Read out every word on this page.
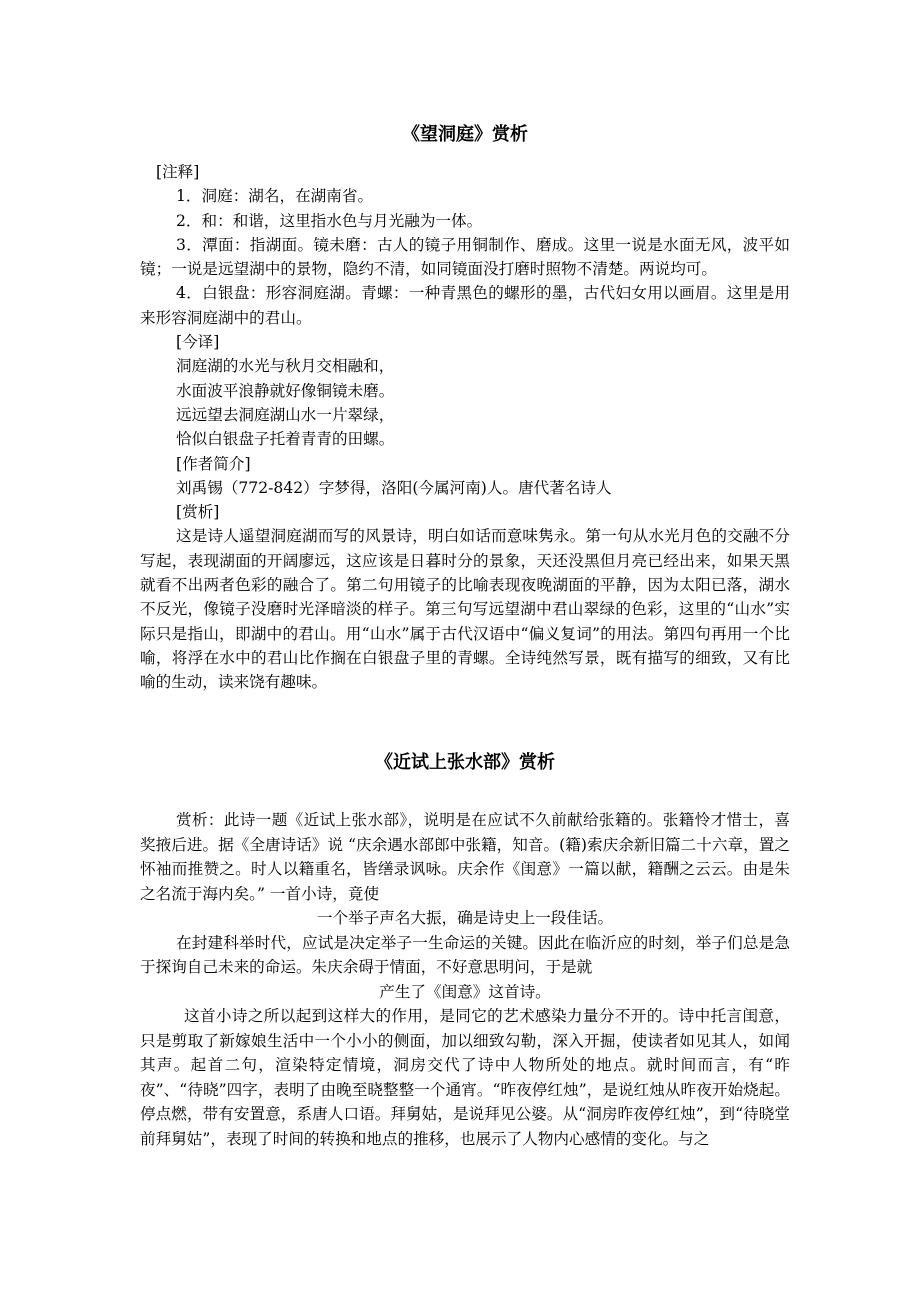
《望洞庭》赏析

[注释]

1．洞庭：湖名，在湖南省。

2．和：和谐，这里指水色与月光融为一体。

3．潭面：指湖面。镜未磨：古人的镜子用铜制作、磨成。这里一说是水面无风，波平如镜；一说是远望湖中的景物，隐约不清，如同镜面没打磨时照物不清楚。两说均可。

4．白银盘：形容洞庭湖。青螺：一种青黑色的螺形的墨，古代妇女用以画眉。这里是用来形容洞庭湖中的君山。

[今译]

洞庭湖的水光与秋月交相融和，

水面波平浪静就好像铜镜未磨。

远远望去洞庭湖山水一片翠绿，

恰似白银盘子托着青青的田螺。

[作者简介]

刘禹锡（772-842）字梦得，洛阳(今属河南)人。唐代著名诗人

[赏析]

这是诗人遥望洞庭湖而写的风景诗，明白如话而意味隽永。第一句从水光月色的交融不分写起，表现湖面的开阔廖远，这应该是日暮时分的景象，天还没黑但月亮已经出来，如果天黑就看不出两者色彩的融合了。第二句用镜子的比喻表现夜晚湖面的平静，因为太阳已落，湖水不反光，像镜子没磨时光泽暗淡的样子。第三句写远望湖中君山翠绿的色彩，这里的“山水”实际只是指山，即湖中的君山。用“山水”属于古代汉语中“偏义复词”的用法。第四句再用一个比喻，将浮在水中的君山比作搁在白银盘子里的青螺。全诗纯然写景，既有描写的细致，又有比喻的生动，读来饶有趣味。

《近试上张水部》赏析

赏析：此诗一题《近试上张水部》，说明是在应试不久前献给张籍的。张籍怜才惜士，喜奖掖后进。据《全唐诗话》说 “庆余遇水部郎中张籍，知音。(籍)索庆余新旧篇二十六章，置之怀袖而推赞之。时人以籍重名，皆缮录讽咏。庆余作《闺意》一篇以献，籍酬之云云。由是朱之名流于海内矣。” 一首小诗，竟使

一个举子声名大振，确是诗史上一段佳话。

在封建科举时代，应试是决定举子一生命运的关键。因此在临沂应的时刻，举子们总是急于探询自己未来的命运。朱庆余碍于情面，不好意思明问，于是就

产生了《闺意》这首诗。

这首小诗之所以起到这样大的作用，是同它的艺术感染力量分不开的。诗中托言闺意，只是剪取了新嫁娘生活中一个小小的侧面，加以细致勾勒，深入开掘，使读者如见其人，如闻其声。起首二句，渲染特定情境，洞房交代了诗中人物所处的地点。就时间而言，有“昨夜”、“待晓”四字，表明了由晚至晓整整一个通宵。“昨夜停红烛”，是说红烛从昨夜开始烧起。停点燃，带有安置意，系唐人口语。拜舅姑，是说拜见公婆。从“洞房昨夜停红烛”，到“待晓堂前拜舅姑”，表现了时间的转换和地点的推移，也展示了人物内心感情的变化。与之
